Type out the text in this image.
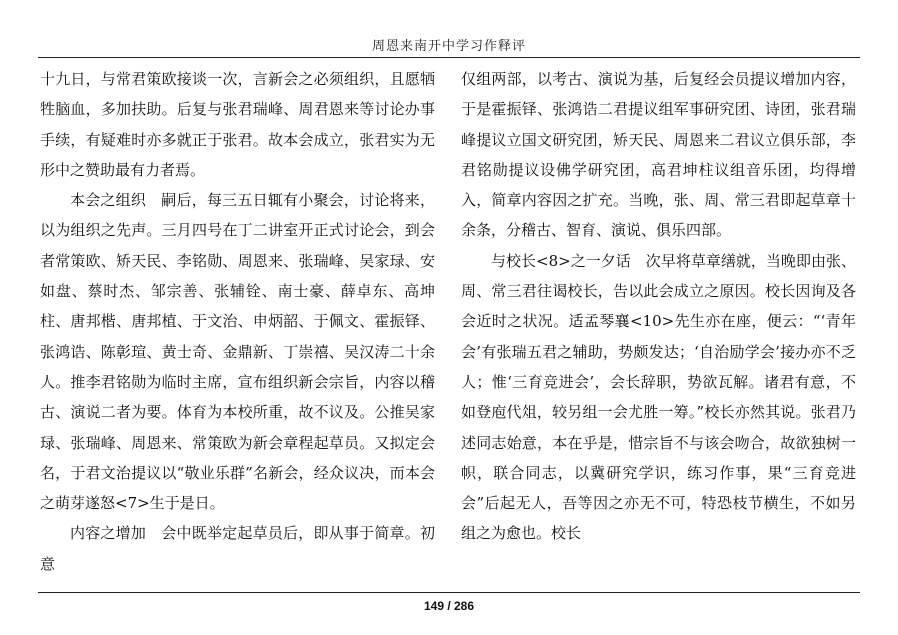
周恩来南开中学习作释评

十九日，与常君策欧接谈一次，言新会之必须组织，且愿牺牲脑血，多加扶助。后复与张君瑞峰、周君恩来等讨论办事手续，有疑难时亦多就正于张君。故本会成立，张君实为无形中之赞助最有力者焉。

本会之组织　嗣后，每三五日辄有小聚会，讨论将来，以为组织之先声。三月四号在丁二讲室开正式讨论会，到会者常策欧、矫天民、李铭勋、周恩来、张瑞峰、吴家琭、安如盘、蔡时杰、邹宗善、张辅铨、南士豪、薛卓东、高坤柱、唐邦楷、唐邦植、于文治、申炳韶、于佩文、霍振铎、张鸿诰、陈彰瑄、黄士奇、金鼎新、丁崇禧、吴汉涛二十余人。推李君铭勋为临时主席，宣布组织新会宗旨，内容以稽古、演说二者为要。体育为本校所重，故不议及。公推吴家琭、张瑞峰、周恩来、常策欧为新会章程起草员。又拟定会名，于君文治提议以“敬业乐群”名新会，经众议决，而本会之萌芽遂怒<7>生于是日。

内容之增加　会中既举定起草员后，即从事于简章。初意

仅组两部，以考古、演说为基，后复经会员提议增加内容，于是霍振铎、张鸿诰二君提议组军事研究团、诗团，张君瑞峰提议立国文研究团，矫天民、周恩来二君议立俱乐部，李君铭勋提议设佛学研究团，高君坤柱议组音乐团，均得增入，简章内容因之扩充。当晚，张、周、常三君即起草章十余条，分稽古、智育、演说、俱乐四部。

与校长<8>之一夕话　次早将草章缮就，当晚即由张、周、常三君往谒校长，告以此会成立之原因。校长因询及各会近时之状况。适孟琴襄<10>先生亦在座，便云：“‘青年会’有张瑞五君之辅助，势颇发达；‘自治励学会’接办亦不乏人；惟‘三育竞进会’，会长辞职，势欲瓦解。诸君有意，不如登庖代俎，较另组一会尤胜一筹。”校长亦然其说。张君乃述同志始意，本在乎是，惜宗旨不与该会吻合，故欲独树一帜，联合同志，以冀研究学识，练习作事，果“三育竞进会”后起无人，吾等因之亦无不可，特恐枝节横生，不如另组之为愈也。校长

149 / 286
